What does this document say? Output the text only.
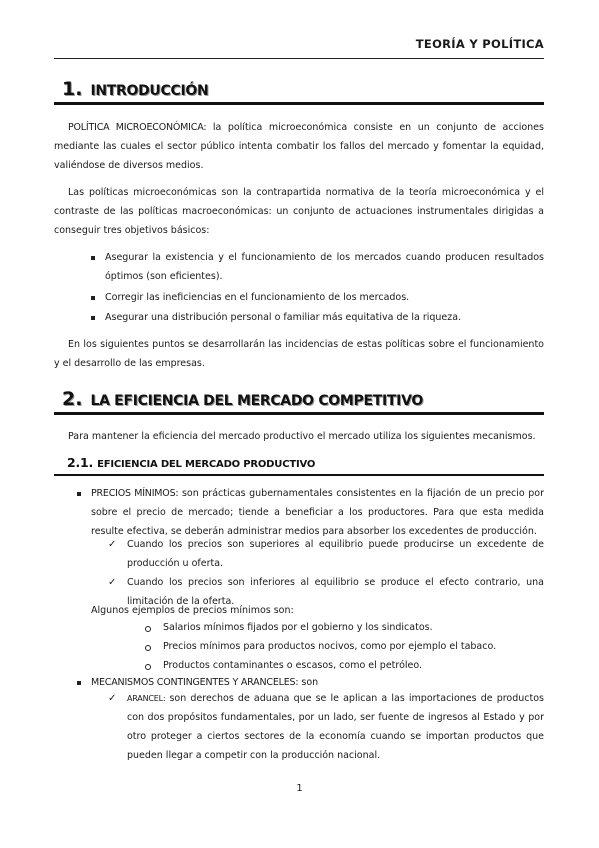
TEORÍA Y POLÍTICA
1. INTRODUCCIÓN
POLÍTICA MICROECONÓMICA: la política microeconómica consiste en un conjunto de acciones mediante las cuales el sector público intenta combatir los fallos del mercado y fomentar la equidad, valiéndose de diversos medios.
Las políticas microeconómicas son la contrapartida normativa de la teoría microeconómica y el contraste de las políticas macroeconómicas: un conjunto de actuaciones instrumentales dirigidas a conseguir tres objetivos básicos:
Asegurar la existencia y el funcionamiento de los mercados cuando producen resultados óptimos (son eficientes).
Corregir las ineficiencias en el funcionamiento de los mercados.
Asegurar una distribución personal o familiar más equitativa de la riqueza.
En los siguientes puntos se desarrollarán las incidencias de estas políticas sobre el funcionamiento y el desarrollo de las empresas.
2. LA EFICIENCIA DEL MERCADO COMPETITIVO
Para mantener la eficiencia del mercado productivo el mercado utiliza los siguientes mecanismos.
2.1. EFICIENCIA DEL MERCADO PRODUCTIVO
PRECIOS MÍNIMOS: son prácticas gubernamentales consistentes en la fijación de un precio por sobre el precio de mercado; tiende a beneficiar a los productores. Para que esta medida resulte efectiva, se deberán administrar medios para absorber los excedentes de producción.
✓ Cuando los precios son superiores al equilibrio puede producirse un excedente de producción u oferta.
✓ Cuando los precios son inferiores al equilibrio se produce el efecto contrario, una limitación de la oferta.
Algunos ejemplos de precios mínimos son:
Salarios mínimos fijados por el gobierno y los sindicatos.
Precios mínimos para productos nocivos, como por ejemplo el tabaco.
Productos contaminantes o escasos, como el petróleo.
MECANISMOS CONTINGENTES Y ARANCELES: son
✓ ARANCEL: son derechos de aduana que se le aplican a las importaciones de productos con dos propósitos fundamentales, por un lado, ser fuente de ingresos al Estado y por otro proteger a ciertos sectores de la economía cuando se importan productos que pueden llegar a competir con la producción nacional.
1
